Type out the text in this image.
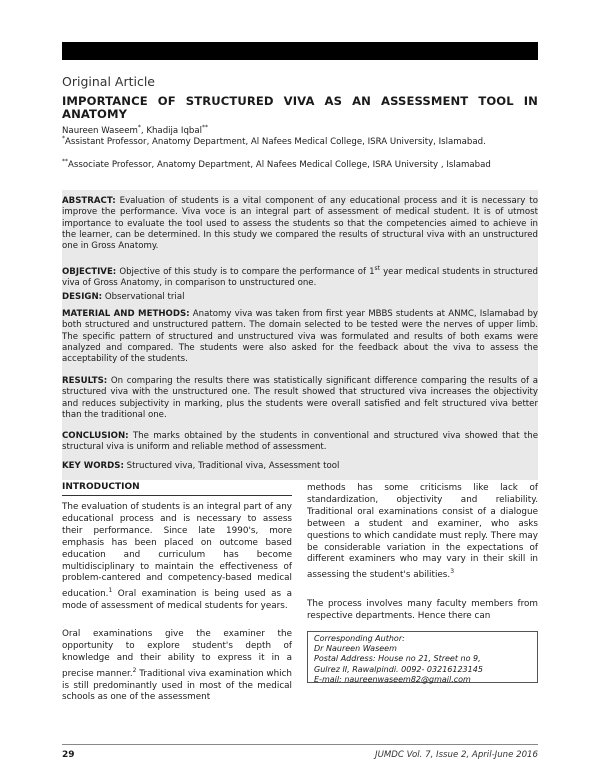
Original Article
IMPORTANCE OF STRUCTURED VIVA AS AN ASSESSMENT TOOL IN ANATOMY
Naureen Waseem*, Khadija Iqbal**
*Assistant Professor, Anatomy Department, Al Nafees Medical College, ISRA University, Islamabad.
**Associate Professor, Anatomy Department, Al Nafees Medical College, ISRA University , Islamabad
ABSTRACT: Evaluation of students is a vital component of any educational process and it is necessary to improve the performance. Viva voce is an integral part of assessment of medical student. It is of utmost importance to evaluate the tool used to assess the students so that the competencies aimed to achieve in the learner, can be determined. In this study we compared the results of structural viva with an unstructured one in Gross Anatomy.
OBJECTIVE: Objective of this study is to compare the performance of 1st year medical students in structured viva of Gross Anatomy, in comparison to unstructured one.
DESIGN: Observational trial
MATERIAL AND METHODS: Anatomy viva was taken from first year MBBS students at ANMC, Islamabad by both structured and unstructured pattern. The domain selected to be tested were the nerves of upper limb. The specific pattern of structured and unstructured viva was formulated and results of both exams were analyzed and compared. The students were also asked for the feedback about the viva to assess the acceptability of the students.
RESULTS: On comparing the results there was statistically significant difference comparing the results of a structured viva with the unstructured one. The result showed that structured viva increases the objectivity and reduces subjectivity in marking, plus the students were overall satisfied and felt structured viva better than the traditional one.
CONCLUSION: The marks obtained by the students in conventional and structured viva showed that the structural viva is uniform and reliable method of assessment.
KEY WORDS: Structured viva, Traditional viva, Assessment tool
INTRODUCTION
The evaluation of students is an integral part of any educational process and is necessary to assess their performance. Since late 1990's, more emphasis has been placed on outcome based education and curriculum has become multidisciplinary to maintain the effectiveness of problem-cantered and competency-based medical education.$^1$ Oral examination is being used as a mode of assessment of medical students for years.
Oral examinations give the examiner the opportunity to explore student's depth of knowledge and their ability to express it in a precise manner.$^2$ Traditional viva examination which is still predominantly used in most of the medical schools as one of the assessment
methods has some criticisms like lack of standardization, objectivity and reliability. Traditional oral examinations consist of a dialogue between a student and examiner, who asks questions to which candidate must reply. There may be considerable variation in the expectations of different examiners who may vary in their skill in assessing the student's abilities.$^3$
The process involves many faculty members from respective departments. Hence there can
Corresponding Author:
Dr Naureen Waseem
Postal Address: House no 21, Street no 9,
Gulrez II, Rawalpindi. 0092- 03216123145
E-mail: naureenwaseem82@gmail.com
29	JUMDC Vol. 7, Issue 2, April-June 2016
